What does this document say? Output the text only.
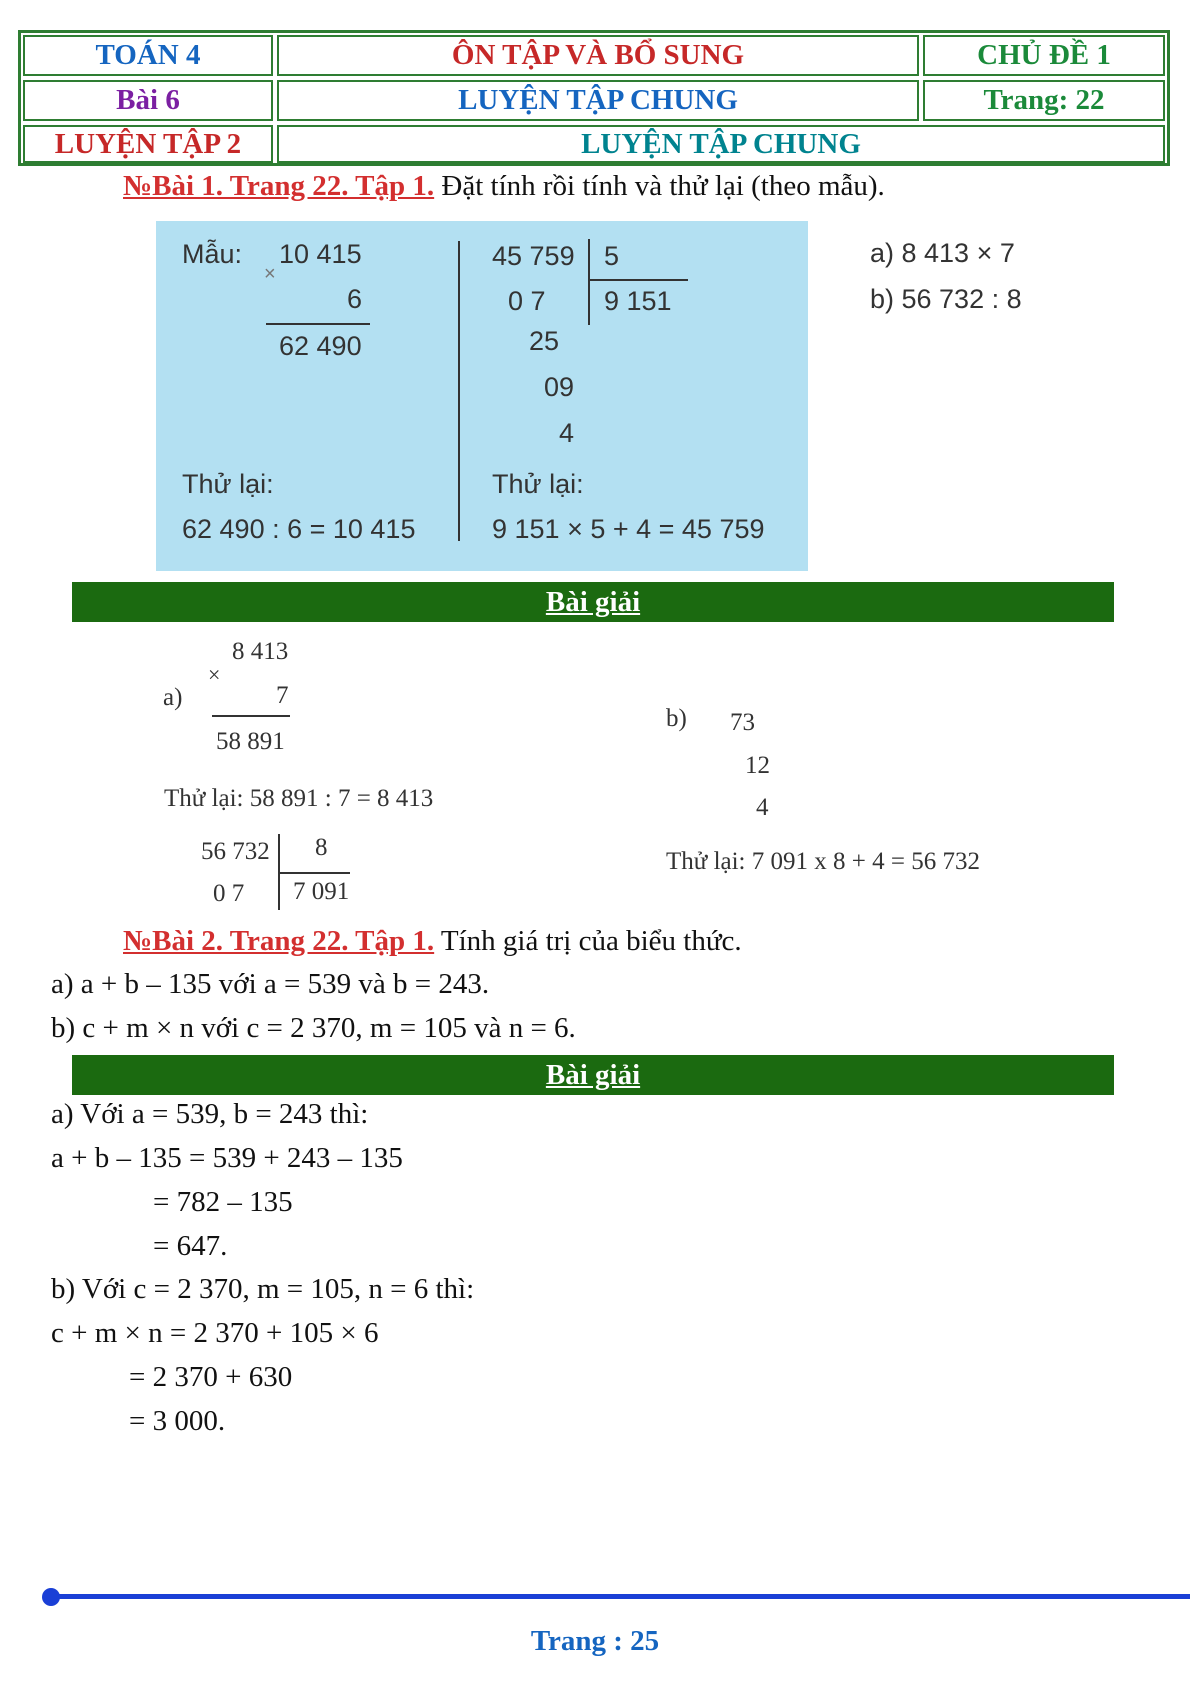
TOÁN 4	ÔN TẬP VÀ BỔ SUNG	CHỦ ĐỀ 1
Bài 6	LUYỆN TẬP CHUNG	Trang: 22
LUYỆN TẬP 2	LUYỆN TẬP CHUNG
№Bài 1. Trang 22. Tập 1. Đặt tính rồi tính và thử lại (theo mẫu).
Mẫu: 10 415
×
6
62 490
Thử lại:
62 490 : 6 = 10 415
45 759 5
9 151
0 7
25
09
4
Thử lại:
9 151 × 5 + 4 = 45 759
a) 8 413 × 7
b) 56 732 : 8
Bài giải
8 413
×
a)	7
58 891
Thử lại: 58 891 : 7 = 8 413
56 732 8
7 091
0 7
b) 73
12
4
Thử lại: 7 091 x 8 + 4 = 56 732
№Bài 2. Trang 22. Tập 1. Tính giá trị của biểu thức.
a) a + b – 135 với a = 539 và b = 243.
b) c + m × n với c = 2 370, m = 105 và n = 6.
Bài giải
a) Với a = 539, b = 243 thì:
a + b – 135 = 539 + 243 – 135
= 782 – 135
= 647.
b) Với c = 2 370, m = 105, n = 6 thì:
c + m × n = 2 370 + 105 × 6
= 2 370 + 630
= 3 000.
Trang : 25
